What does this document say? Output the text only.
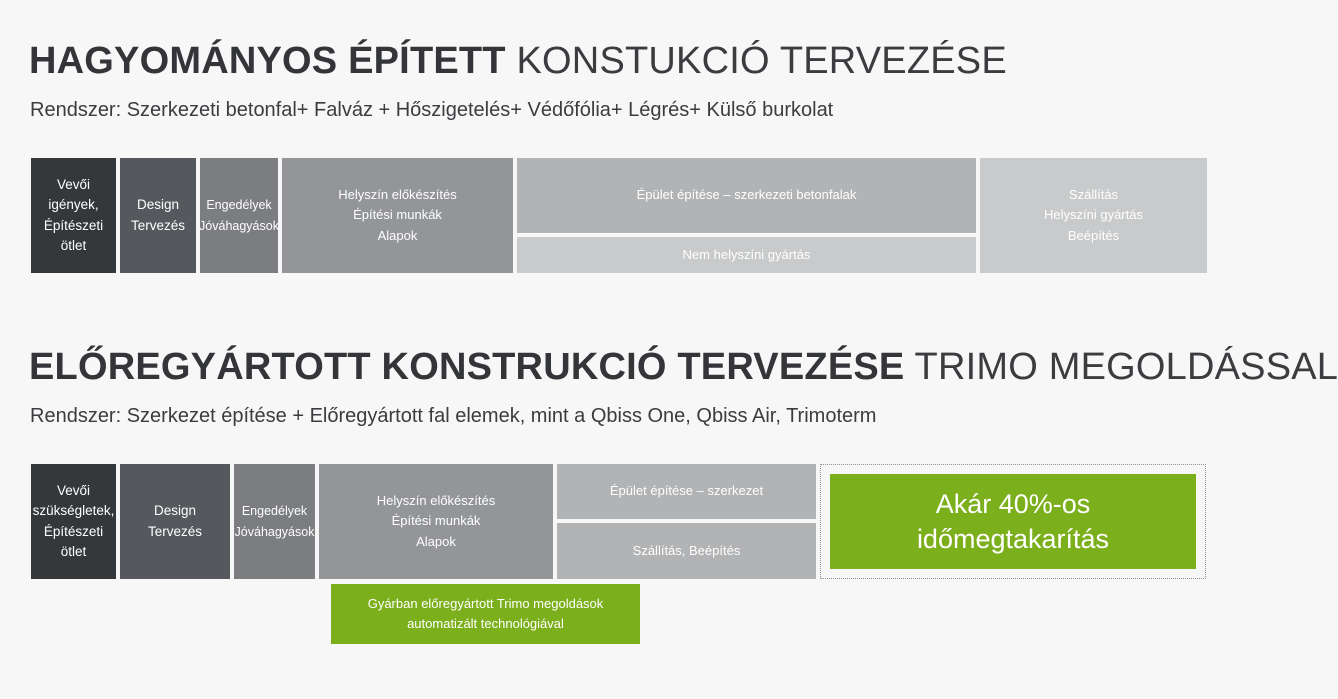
HAGYOMÁNYOS ÉPÍTETT KONSTUKCIÓ TERVEZÉSE
Rendszer: Szerkezeti betonfal+ Falváz + Hőszigetelés+ Védőfólia+ Légrés+ Külső burkolat
Vevői
igények,
Építészeti
ötlet
Design
Tervezés
Engedélyek
Jóváhagyások
Helyszín előkészítés
Építési munkák
Alapok
Épület építése – szerkezeti betonfalak
Nem helyszíni gyártás
Szállítás
Helyszíni gyártás
Beépítés
ELŐREGYÁRTOTT KONSTRUKCIÓ TERVEZÉSE TRIMO MEGOLDÁSSAL
Rendszer: Szerkezet építése + Előregyártott fal elemek, mint a Qbiss One, Qbiss Air, Trimoterm
Vevői
szükségletek,
Építészeti
ötlet
Design
Tervezés
Engedélyek
Jóváhagyások
Helyszín előkészítés
Építési munkák
Alapok
Épület építése – szerkezet
Szállítás, Beépítés
Akár 40%-os
időmegtakarítás
Gyárban előregyártott Trimo megoldások
automatizált technológiával
